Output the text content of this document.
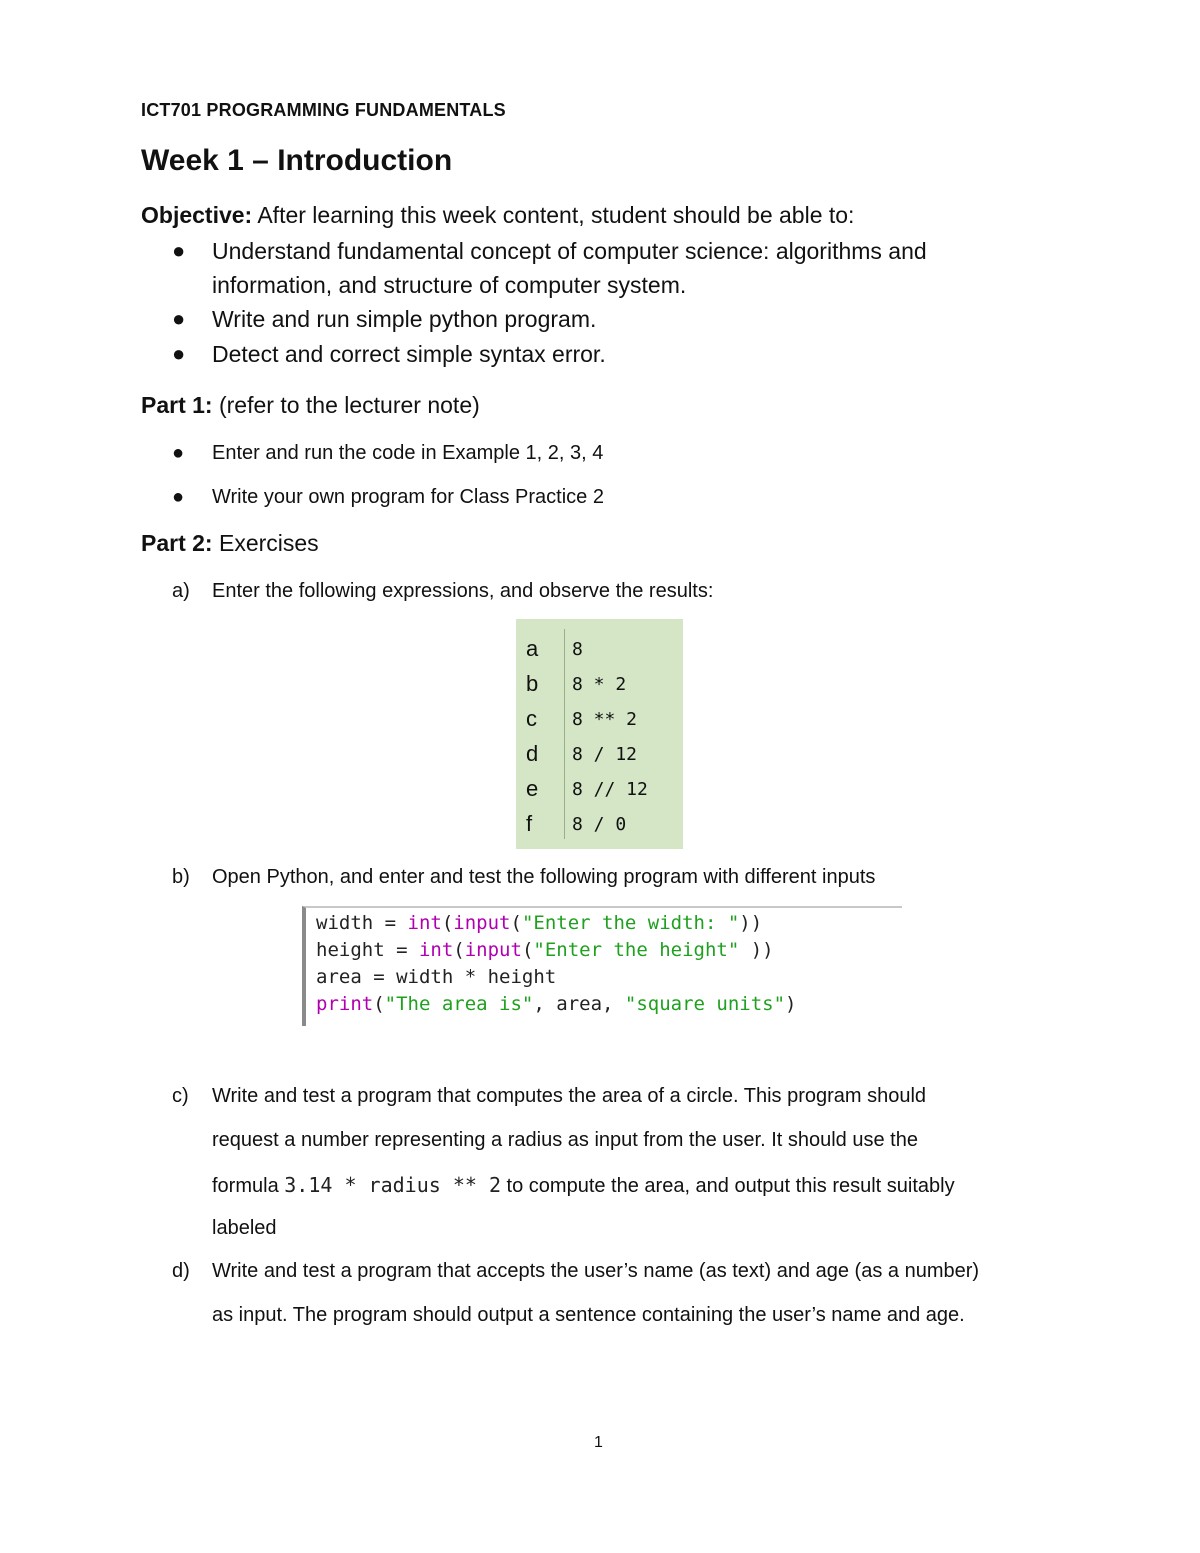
ICT701 PROGRAMMING FUNDAMENTALS
Week 1 – Introduction
Objective: After learning this week content, student should be able to:
●	Understand fundamental concept of computer science: algorithms and
information, and structure of computer system.
●	Write and run simple python program.
●	Detect and correct simple syntax error.
Part 1: (refer to the lecturer note)
●	Enter and run the code in Example 1, 2, 3, 4
●	Write your own program for Class Practice 2
Part 2: Exercises
a) Enter the following expressions, and observe the results:
a 8
b 8 * 2
c 8 ** 2
d 8 / 12
e 8 // 12
f 8 / 0
b) Open Python, and enter and test the following program with different inputs
width = int(input("Enter the width: "))
height = int(input("Enter the height" ))
area = width * height
print("The area is", area, "square units")
c) Write and test a program that computes the area of a circle. This program should
request a number representing a radius as input from the user. It should use the
formula 3.14 * radius ** 2 to compute the area, and output this result suitably
labeled
d) Write and test a program that accepts the user’s name (as text) and age (as a number)
as input. The program should output a sentence containing the user’s name and age.
1
